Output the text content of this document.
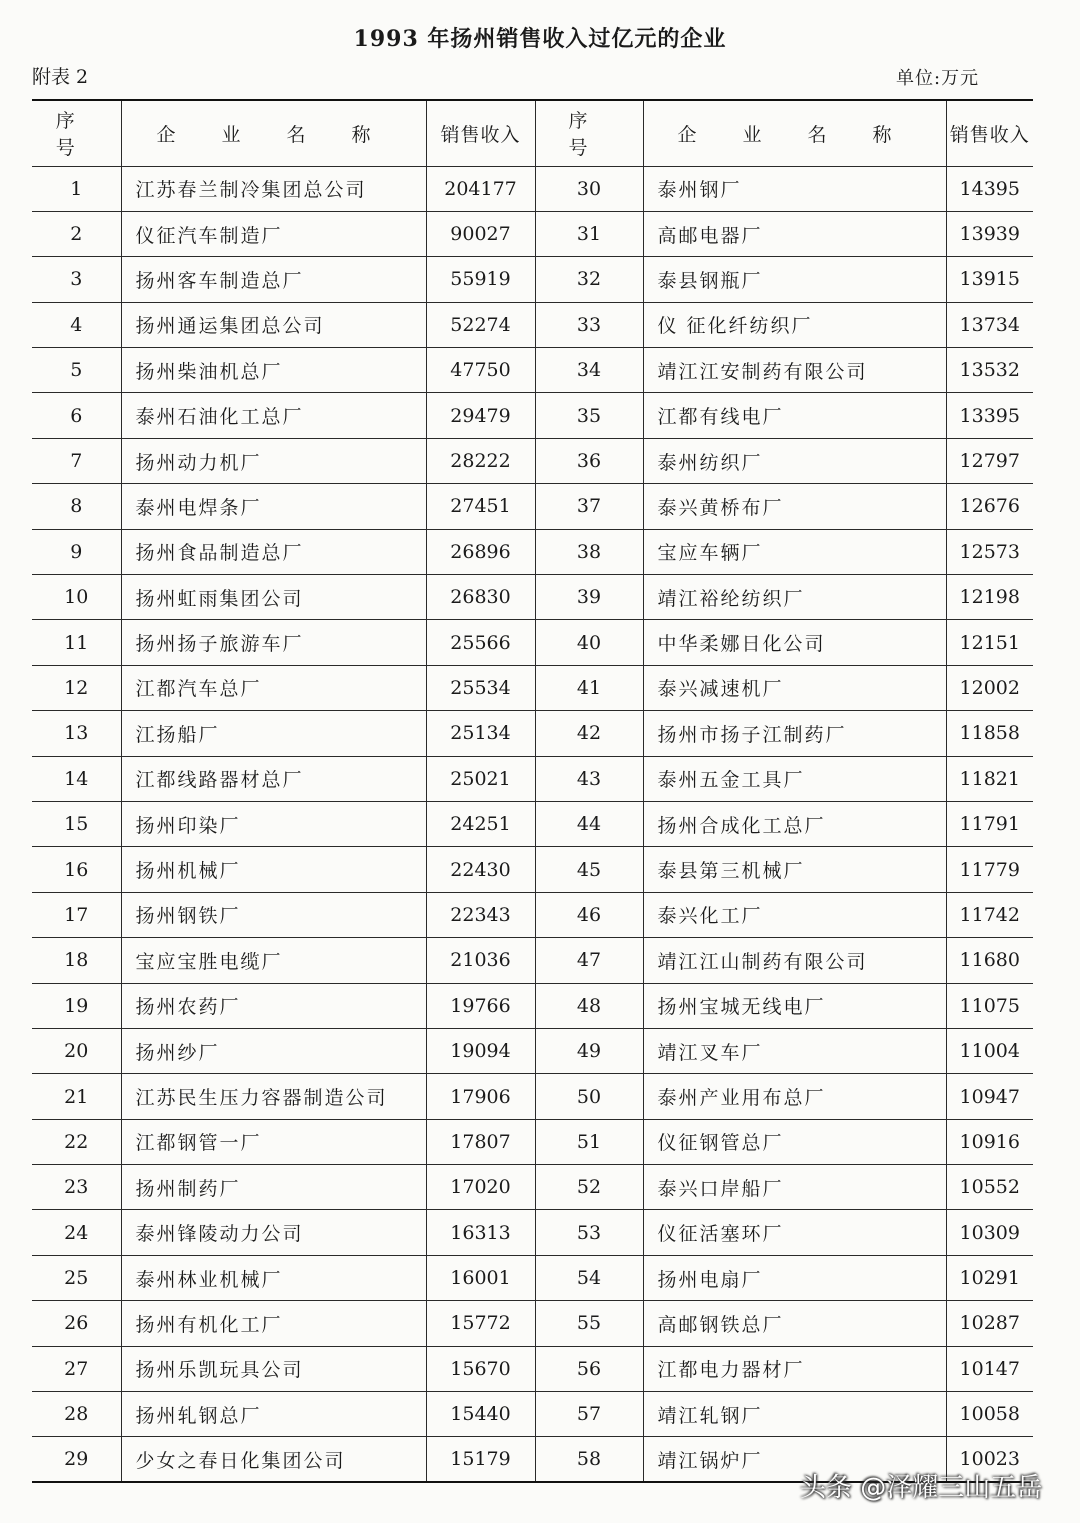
1993 年扬州销售收入过亿元的企业
附表 2	单位:万元
序 号	企 业 名 称	销售收入	序 号	企 业 名 称	销售收入
1	江苏春兰制冷集团总公司	204177	30	泰州钢厂	14395
2	仪征汽车制造厂	90027	31	高邮电器厂	13939
3	扬州客车制造总厂	55919	32	泰县钢瓶厂	13915
4	扬州通运集团总公司	52274	33	仪 征化纤纺织厂	13734
5	扬州柴油机总厂	47750	34	靖江江安制药有限公司	13532
6	泰州石油化工总厂	29479	35	江都有线电厂	13395
7	扬州动力机厂	28222	36	泰州纺织厂	12797
8	泰州电焊条厂	27451	37	泰兴黄桥布厂	12676
9	扬州食品制造总厂	26896	38	宝应车辆厂	12573
10	扬州虹雨集团公司	26830	39	靖江裕纶纺织厂	12198
11	扬州扬子旅游车厂	25566	40	中华柔娜日化公司	12151
12	江都汽车总厂	25534	41	泰兴减速机厂	12002
13	江扬船厂	25134	42	扬州市扬子江制药厂	11858
14	江都线路器材总厂	25021	43	泰州五金工具厂	11821
15	扬州印染厂	24251	44	扬州合成化工总厂	11791
16	扬州机械厂	22430	45	泰县第三机械厂	11779
17	扬州钢铁厂	22343	46	泰兴化工厂	11742
18	宝应宝胜电缆厂	21036	47	靖江江山制药有限公司	11680
19	扬州农药厂	19766	48	扬州宝城无线电厂	11075
20	扬州纱厂	19094	49	靖江叉车厂	11004
21	江苏民生压力容器制造公司	17906	50	泰州产业用布总厂	10947
22	江都钢管一厂	17807	51	仪征钢管总厂	10916
23	扬州制药厂	17020	52	泰兴口岸船厂	10552
24	泰州锋陵动力公司	16313	53	仪征活塞环厂	10309
25	泰州林业机械厂	16001	54	扬州电扇厂	10291
26	扬州有机化工厂	15772	55	高邮钢铁总厂	10287
27	扬州乐凯玩具公司	15670	56	江都电力器材厂	10147
28	扬州轧钢总厂	15440	57	靖江轧钢厂	10058
29	少女之春日化集团公司	15179	58	靖江锅炉厂	10023
头条 @泽耀三山五岳
